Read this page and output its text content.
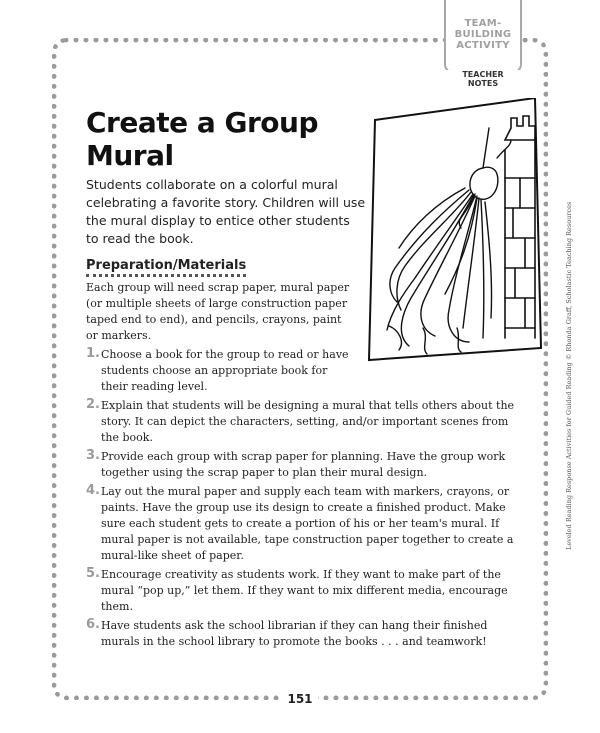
TEAM-
BUILDING
ACTIVITY
TEACHER NOTES
Create a Group
Mural

Students collaborate on a colorful mural celebrating a favorite story. Children will use the mural display to entice other students to read the book.

Preparation/Materials

Each group will need scrap paper, mural paper (or multiple sheets of large construction paper taped end to end), and pencils, crayons, paint or markers.

1. Choose a book for the group to read or have students choose an appropriate book for their reading level.
2. Explain that students will be designing a mural that tells others about the story. It can depict the characters, setting, and/or important scenes from the book.
3. Provide each group with scrap paper for planning. Have the group work together using the scrap paper to plan their mural design.
4. Lay out the mural paper and supply each team with markers, crayons, or paints. Have the group use its design to create a finished product. Make sure each student gets to create a portion of his or her team's mural. If mural paper is not available, tape construction paper together to create a mural-like sheet of paper.
5. Encourage creativity as students work. If they want to make part of the mural “pop up,” let them. If they want to mix different media, encourage them.
6. Have students ask the school librarian if they can hang their finished murals in the school library to promote the books . . . and teamwork!
Leveled Reading Response Activities for Guided Reading © Rhonda Graff, Scholastic Teaching Resources
151
